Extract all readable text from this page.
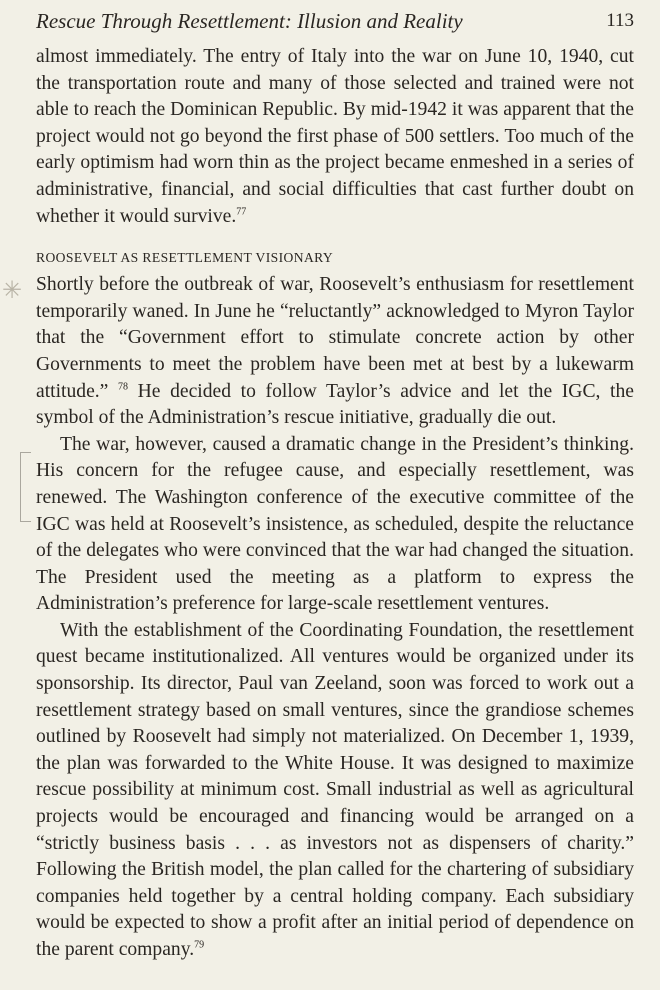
Rescue Through Resettlement: Illusion and Reality	113
✳

almost immediately. The entry of Italy into the war on June 10, 1940, cut the transportation route and many of those selected and trained were not able to reach the Dominican Republic. By mid-1942 it was apparent that the project would not go beyond the first phase of 500 settlers. Too much of the early optimism had worn thin as the project became enmeshed in a series of administrative, financial, and social difficulties that cast further doubt on whether it would survive.$^{77}$

ROOSEVELT AS RESETTLEMENT VISIONARY

Shortly before the outbreak of war, Roosevelt’s enthusiasm for resettlement temporarily waned. In June he “reluctantly” acknowledged to Myron Taylor that the “Government effort to stimulate concrete action by other Governments to meet the problem have been met at best by a lukewarm attitude.” $^{78}$ He decided to follow Taylor’s advice and let the IGC, the symbol of the Administration’s rescue initiative, gradually die out.

The war, however, caused a dramatic change in the President’s thinking. His concern for the refugee cause, and especially resettlement, was renewed. The Washington conference of the executive committee of the IGC was held at Roosevelt’s insistence, as scheduled, despite the reluctance of the delegates who were convinced that the war had changed the situation. The President used the meeting as a platform to express the Administration’s preference for large-scale resettlement ventures.

With the establishment of the Coordinating Foundation, the resettlement quest became institutionalized. All ventures would be organized under its sponsorship. Its director, Paul van Zeeland, soon was forced to work out a resettlement strategy based on small ventures, since the grandiose schemes outlined by Roosevelt had simply not materialized. On December 1, 1939, the plan was forwarded to the White House. It was designed to maximize rescue possibility at minimum cost. Small industrial as well as agricultural projects would be encouraged and financing would be arranged on a “strictly business basis . . . as investors not as dispensers of charity.” Following the British model, the plan called for the chartering of subsidiary companies held together by a central holding company. Each subsidiary would be expected to show a profit after an initial period of dependence on the parent company.$^{79}$
